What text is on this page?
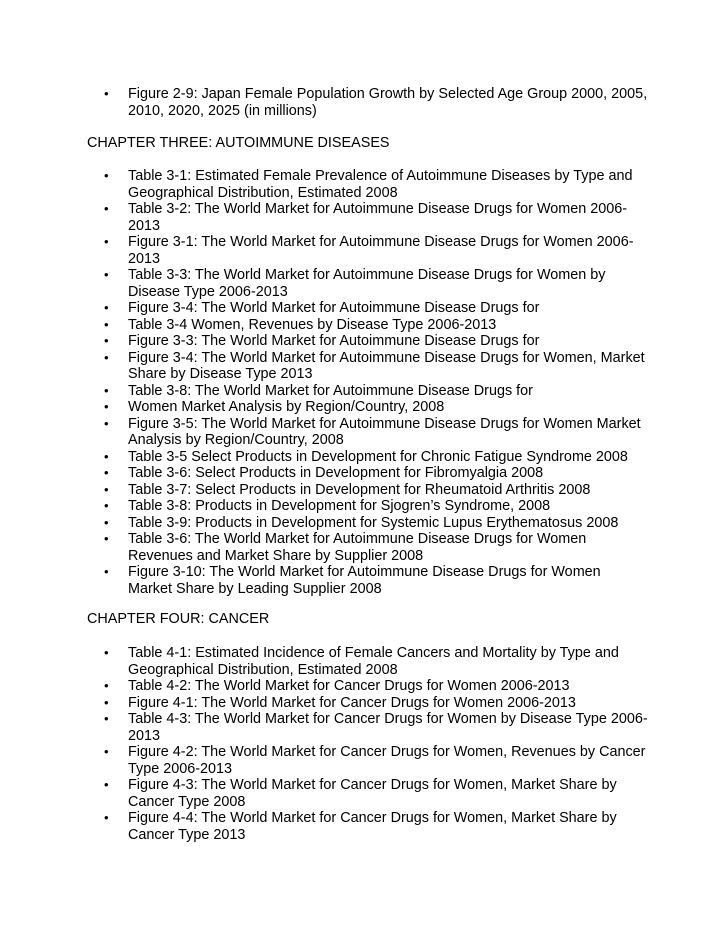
• Figure 2-9: Japan Female Population Growth by Selected Age Group 2000, 2005, 2010, 2020, 2025 (in millions)
CHAPTER THREE: AUTOIMMUNE DISEASES
• Table 3-1: Estimated Female Prevalence of Autoimmune Diseases by Type and Geographical Distribution, Estimated 2008
• Table 3-2: The World Market for Autoimmune Disease Drugs for Women 2006-2013
• Figure 3-1: The World Market for Autoimmune Disease Drugs for Women 2006-2013
• Table 3-3: The World Market for Autoimmune Disease Drugs for Women by Disease Type 2006-2013
• Figure 3-4: The World Market for Autoimmune Disease Drugs for
• Table 3-4 Women, Revenues by Disease Type 2006-2013
• Figure 3-3: The World Market for Autoimmune Disease Drugs for
• Figure 3-4: The World Market for Autoimmune Disease Drugs for Women, Market Share by Disease Type 2013
• Table 3-8: The World Market for Autoimmune Disease Drugs for
• Women Market Analysis by Region/Country, 2008
• Figure 3-5: The World Market for Autoimmune Disease Drugs for Women Market Analysis by Region/Country, 2008
• Table 3-5 Select Products in Development for Chronic Fatigue Syndrome 2008
• Table 3-6: Select Products in Development for Fibromyalgia 2008
• Table 3-7: Select Products in Development for Rheumatoid Arthritis 2008
• Table 3-8: Products in Development for Sjogren’s Syndrome, 2008
• Table 3-9: Products in Development for Systemic Lupus Erythematosus 2008
• Table 3-6: The World Market for Autoimmune Disease Drugs for Women Revenues and Market Share by Supplier 2008
• Figure 3-10: The World Market for Autoimmune Disease Drugs for Women Market Share by Leading Supplier 2008
CHAPTER FOUR: CANCER
• Table 4-1: Estimated Incidence of Female Cancers and Mortality by Type and Geographical Distribution, Estimated 2008
• Table 4-2: The World Market for Cancer Drugs for Women 2006-2013
• Figure 4-1: The World Market for Cancer Drugs for Women 2006-2013
• Table 4-3: The World Market for Cancer Drugs for Women by Disease Type 2006-2013
• Figure 4-2: The World Market for Cancer Drugs for Women, Revenues by Cancer Type 2006-2013
• Figure 4-3: The World Market for Cancer Drugs for Women, Market Share by Cancer Type 2008
• Figure 4-4: The World Market for Cancer Drugs for Women, Market Share by Cancer Type 2013
